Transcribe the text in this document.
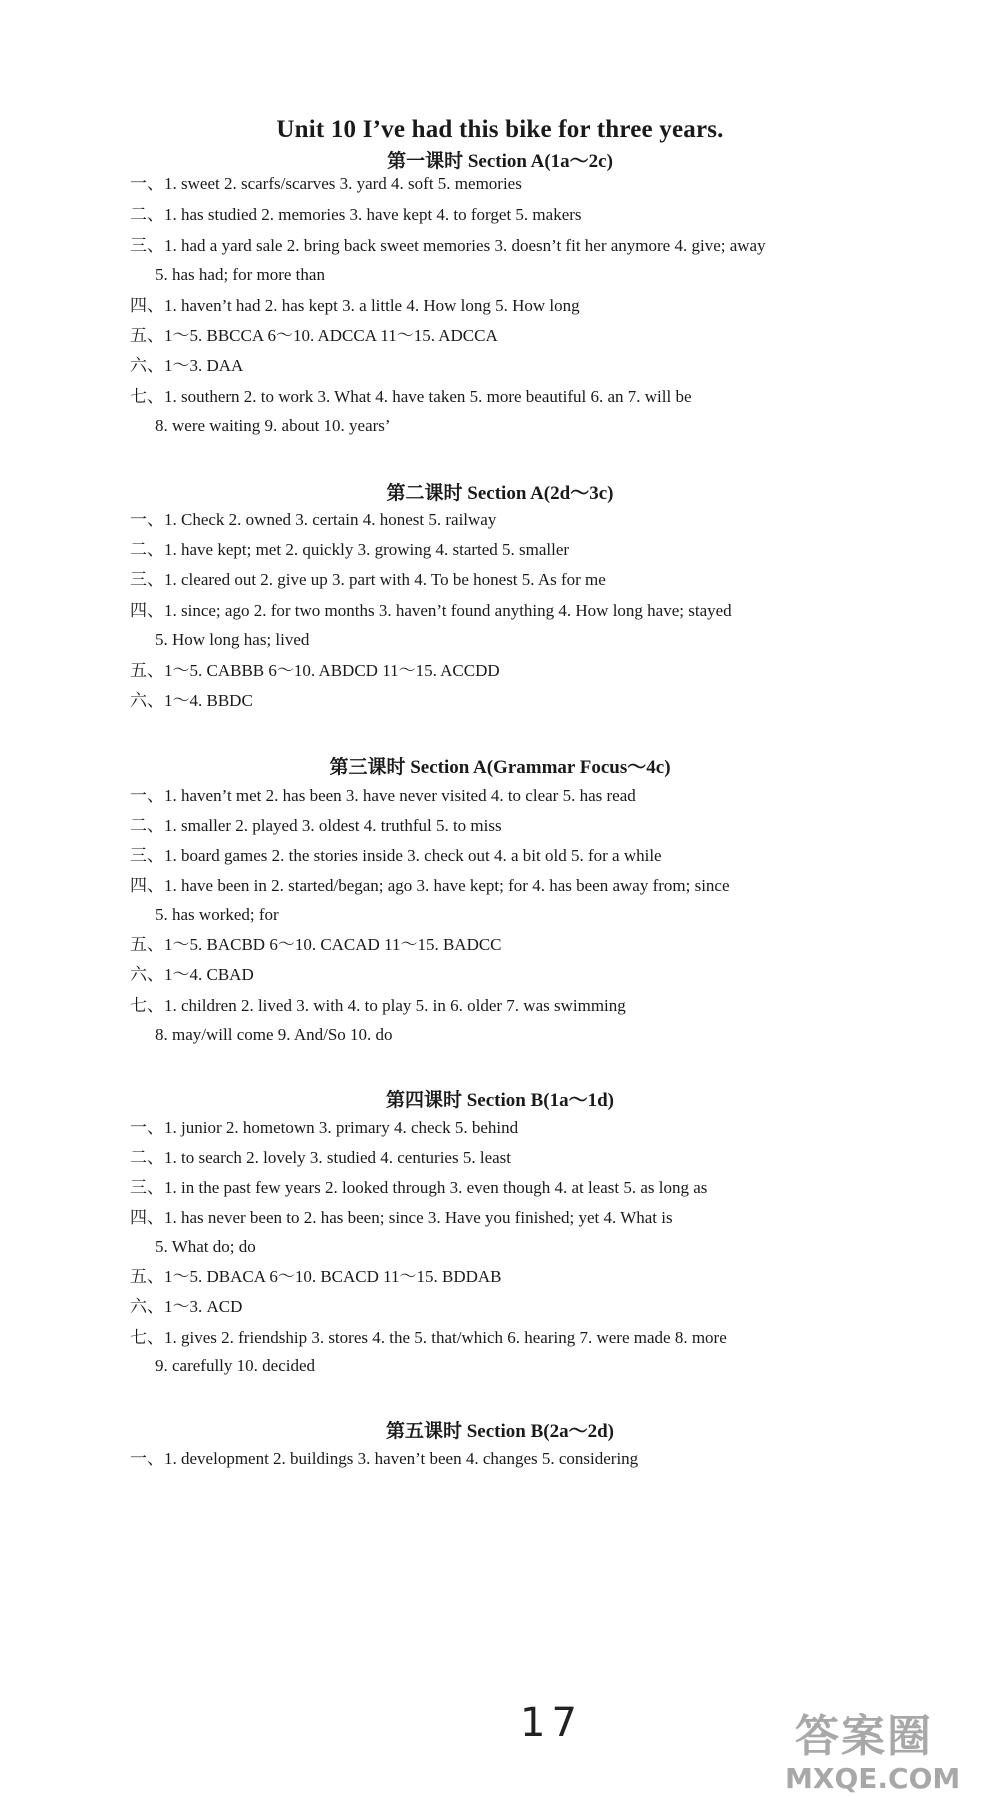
Unit 10 I’ve had this bike for three years.
第一课时 Section A(1a～2c)
一、1. sweet 2. scarfs/scarves 3. yard 4. soft 5. memories
二、1. has studied 2. memories 3. have kept 4. to forget 5. makers
三、1. had a yard sale 2. bring back sweet memories 3. doesn’t fit her anymore 4. give; away
5. has had; for more than
四、1. haven’t had 2. has kept 3. a little 4. How long 5. How long
五、1～5. BBCCA 6～10. ADCCA 11～15. ADCCA
六、1～3. DAA
七、1. southern 2. to work 3. What 4. have taken 5. more beautiful 6. an 7. will be
8. were waiting 9. about 10. years’
第二课时 Section A(2d～3c)
一、1. Check 2. owned 3. certain 4. honest 5. railway
二、1. have kept; met 2. quickly 3. growing 4. started 5. smaller
三、1. cleared out 2. give up 3. part with 4. To be honest 5. As for me
四、1. since; ago 2. for two months 3. haven’t found anything 4. How long have; stayed
5. How long has; lived
五、1～5. CABBB 6～10. ABDCD 11～15. ACCDD
六、1～4. BBDC
第三课时 Section A(Grammar Focus～4c)
一、1. haven’t met 2. has been 3. have never visited 4. to clear 5. has read
二、1. smaller 2. played 3. oldest 4. truthful 5. to miss
三、1. board games 2. the stories inside 3. check out 4. a bit old 5. for a while
四、1. have been in 2. started/began; ago 3. have kept; for 4. has been away from; since
5. has worked; for
五、1～5. BACBD 6～10. CACAD 11～15. BADCC
六、1～4. CBAD
七、1. children 2. lived 3. with 4. to play 5. in 6. older 7. was swimming
8. may/will come 9. And/So 10. do
第四课时 Section B(1a～1d)
一、1. junior 2. hometown 3. primary 4. check 5. behind
二、1. to search 2. lovely 3. studied 4. centuries 5. least
三、1. in the past few years 2. looked through 3. even though 4. at least 5. as long as
四、1. has never been to 2. has been; since 3. Have you finished; yet 4. What is
5. What do; do
五、1～5. DBACA 6～10. BCACD 11～15. BDDAB
六、1～3. ACD
七、1. gives 2. friendship 3. stores 4. the 5. that/which 6. hearing 7. were made 8. more
9. carefully 10. decided
第五课时 Section B(2a～2d)
一、1. development 2. buildings 3. haven’t been 4. changes 5. considering
17	答案圈
MXQE.COM
